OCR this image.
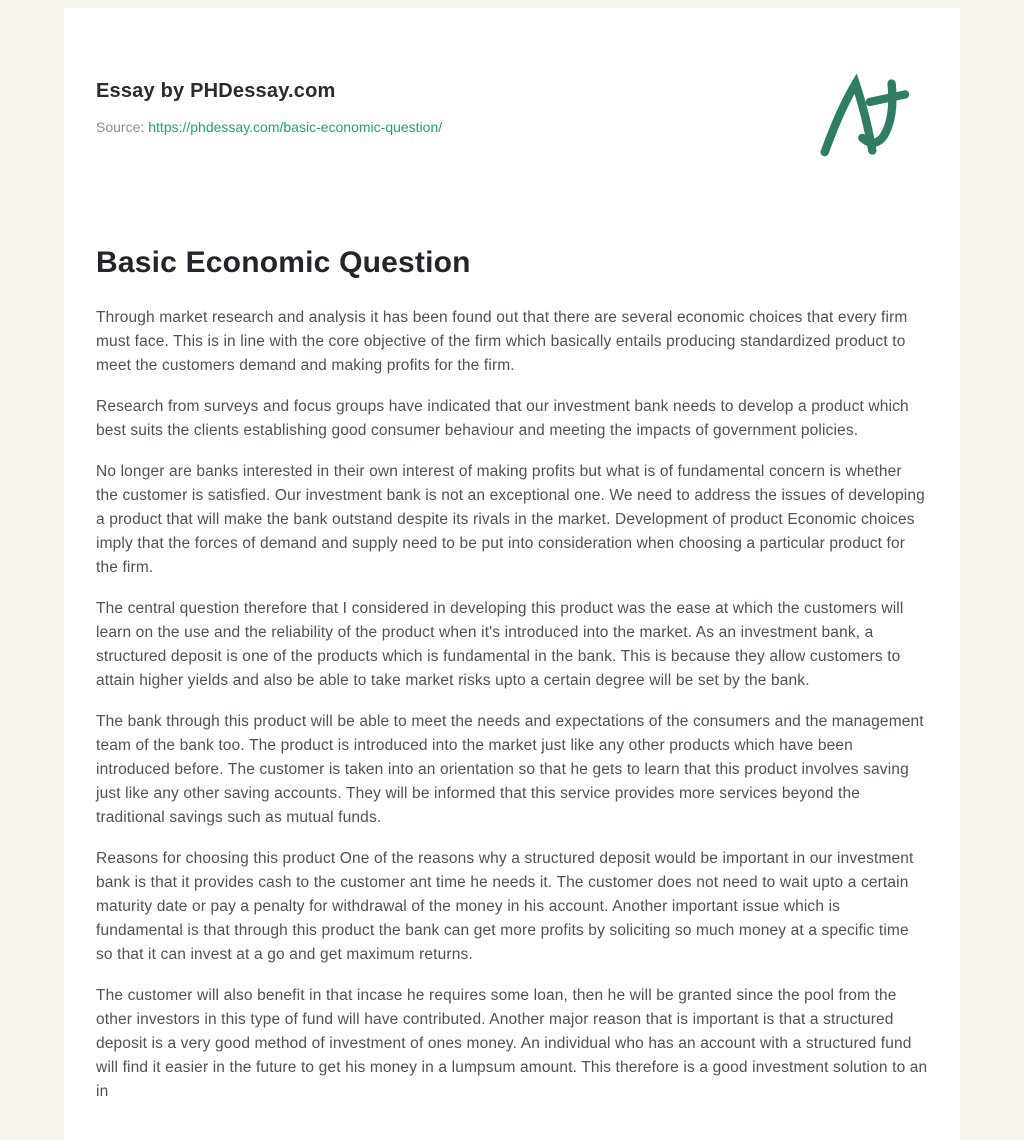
Essay by PHDessay.com
Source: https://phdessay.com/basic-economic-question/
Basic Economic Question

Through market research and analysis it has been found out that there are several economic choices that every firm must face. This is in line with the core objective of the firm which basically entails producing standardized product to meet the customers demand and making profits for the firm.

Research from surveys and focus groups have indicated that our investment bank needs to develop a product which best suits the clients establishing good consumer behaviour and meeting the impacts of government policies.

No longer are banks interested in their own interest of making profits but what is of fundamental concern is whether the customer is satisfied. Our investment bank is not an exceptional one. We need to address the issues of developing a product that will make the bank outstand despite its rivals in the market. Development of product Economic choices imply that the forces of demand and supply need to be put into consideration when choosing a particular product for the firm.

The central question therefore that I considered in developing this product was the ease at which the customers will learn on the use and the reliability of the product when it's introduced into the market. As an investment bank, a structured deposit is one of the products which is fundamental in the bank. This is because they allow customers to attain higher yields and also be able to take market risks upto a certain degree will be set by the bank.

The bank through this product will be able to meet the needs and expectations of the consumers and the management team of the bank too. The product is introduced into the market just like any other products which have been introduced before. The customer is taken into an orientation so that he gets to learn that this product involves saving just like any other saving accounts. They will be informed that this service provides more services beyond the traditional savings such as mutual funds.

Reasons for choosing this product One of the reasons why a structured deposit would be important in our investment bank is that it provides cash to the customer ant time he needs it. The customer does not need to wait upto a certain maturity date or pay a penalty for withdrawal of the money in his account. Another important issue which is fundamental is that through this product the bank can get more profits by soliciting so much money at a specific time so that it can invest at a go and get maximum returns.

The customer will also benefit in that incase he requires some loan, then he will be granted since the pool from the other investors in this type of fund will have contributed. Another major reason that is important is that a structured deposit is a very good method of investment of ones money. An individual who has an account with a structured fund will find it easier in the future to get his money in a lumpsum amount. This therefore is a good investment solution to an in
